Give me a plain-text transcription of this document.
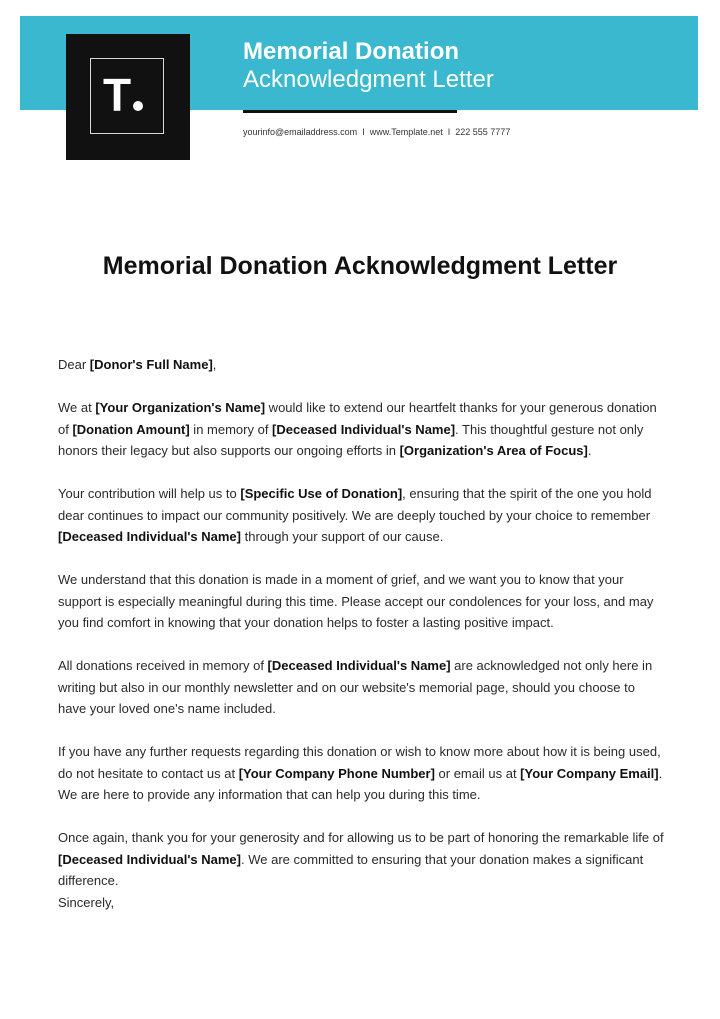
T
Memorial Donation
Acknowledgment Letter
yourinfo@emailaddress.com I www.Template.net I 222 555 7777
Memorial Donation Acknowledgment Letter

Dear [Donor's Full Name],

We at [Your Organization's Name] would like to extend our heartfelt thanks for your generous donation of [Donation Amount] in memory of [Deceased Individual's Name]. This thoughtful gesture not only honors their legacy but also supports our ongoing efforts in [Organization's Area of Focus].

Your contribution will help us to [Specific Use of Donation], ensuring that the spirit of the one you hold dear continues to impact our community positively. We are deeply touched by your choice to remember [Deceased Individual's Name] through your support of our cause.

We understand that this donation is made in a moment of grief, and we want you to know that your support is especially meaningful during this time. Please accept our condolences for your loss, and may you find comfort in knowing that your donation helps to foster a lasting positive impact.

All donations received in memory of [Deceased Individual's Name] are acknowledged not only here in writing but also in our monthly newsletter and on our website's memorial page, should you choose to have your loved one's name included.

If you have any further requests regarding this donation or wish to know more about how it is being used, do not hesitate to contact us at [Your Company Phone Number] or email us at [Your Company Email]. We are here to provide any information that can help you during this time.

Once again, thank you for your generosity and for allowing us to be part of honoring the remarkable life of [Deceased Individual's Name]. We are committed to ensuring that your donation makes a significant difference.

Sincerely,
